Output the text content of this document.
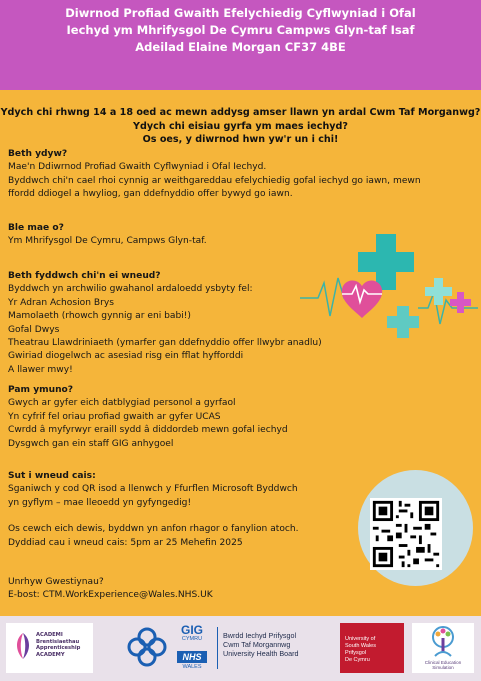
Diwrnod Profiad Gwaith Efelychiedig Cyflwyniad i Ofal
Iechyd ym Mhrifysgol De Cymru Campws Glyn-taf Isaf
Adeilad Elaine Morgan CF37 4BE
Ydych chi rhwng 14 a 18 oed ac mewn addysg amser llawn yn ardal Cwm Taf Morganwg?
Ydych chi eisiau gyrfa ym maes iechyd?
Os oes, y diwrnod hwn yw'r un i chi!

Beth ydyw?

Mae'n Ddiwrnod Profiad Gwaith Cyflwyniad i Ofal Iechyd.

Byddwch chi'n cael rhoi cynnig ar weithgareddau efelychiedig gofal iechyd go iawn, mewn

ffordd ddiogel a hwyliog, gan ddefnyddio offer bywyd go iawn.

Ble mae o?

Ym Mhrifysgol De Cymru, Campws Glyn-taf.

Beth fyddwch chi'n ei wneud?

Byddwch yn archwilio gwahanol ardaloedd ysbyty fel:

Yr Adran Achosion Brys

Mamolaeth (rhowch gynnig ar eni babi!)

Gofal Dwys

Theatrau Llawdriniaeth (ymarfer gan ddefnyddio offer llwybr anadlu)

Gwiriad diogelwch ac asesiad risg ein fflat hyfforddi

A llawer mwy!

Pam ymuno?

Gwych ar gyfer eich datblygiad personol a gyrfaol

Yn cyfrif fel oriau profiad gwaith ar gyfer UCAS

Cwrdd â myfyrwyr eraill sydd â diddordeb mewn gofal iechyd

Dysgwch gan ein staff GIG anhygoel

Sut i wneud cais:

Sganiwch y cod QR isod a llenwch y Ffurflen Microsoft Byddwch

yn gyflym – mae lleoedd yn gyfyngedig!

Os cewch eich dewis, byddwn yn anfon rhagor o fanylion atoch.

Dyddiad cau i wneud cais: 5pm ar 25 Mehefin 2025

Unrhyw Gwestiynau?

E-bost: CTM.WorkExperience@Wales.NHS.UK

ACADEMI
Brentisiaethau
Apprenticeship
ACADEMY
GIG
CYMRU
NHS
WALES
Bwrdd Iechyd Prifysgol
Cwm Taf Morgannwg
University Health Board
University of
South Wales
Prifysgol
De Cymru	Clinical Education
Simulation
